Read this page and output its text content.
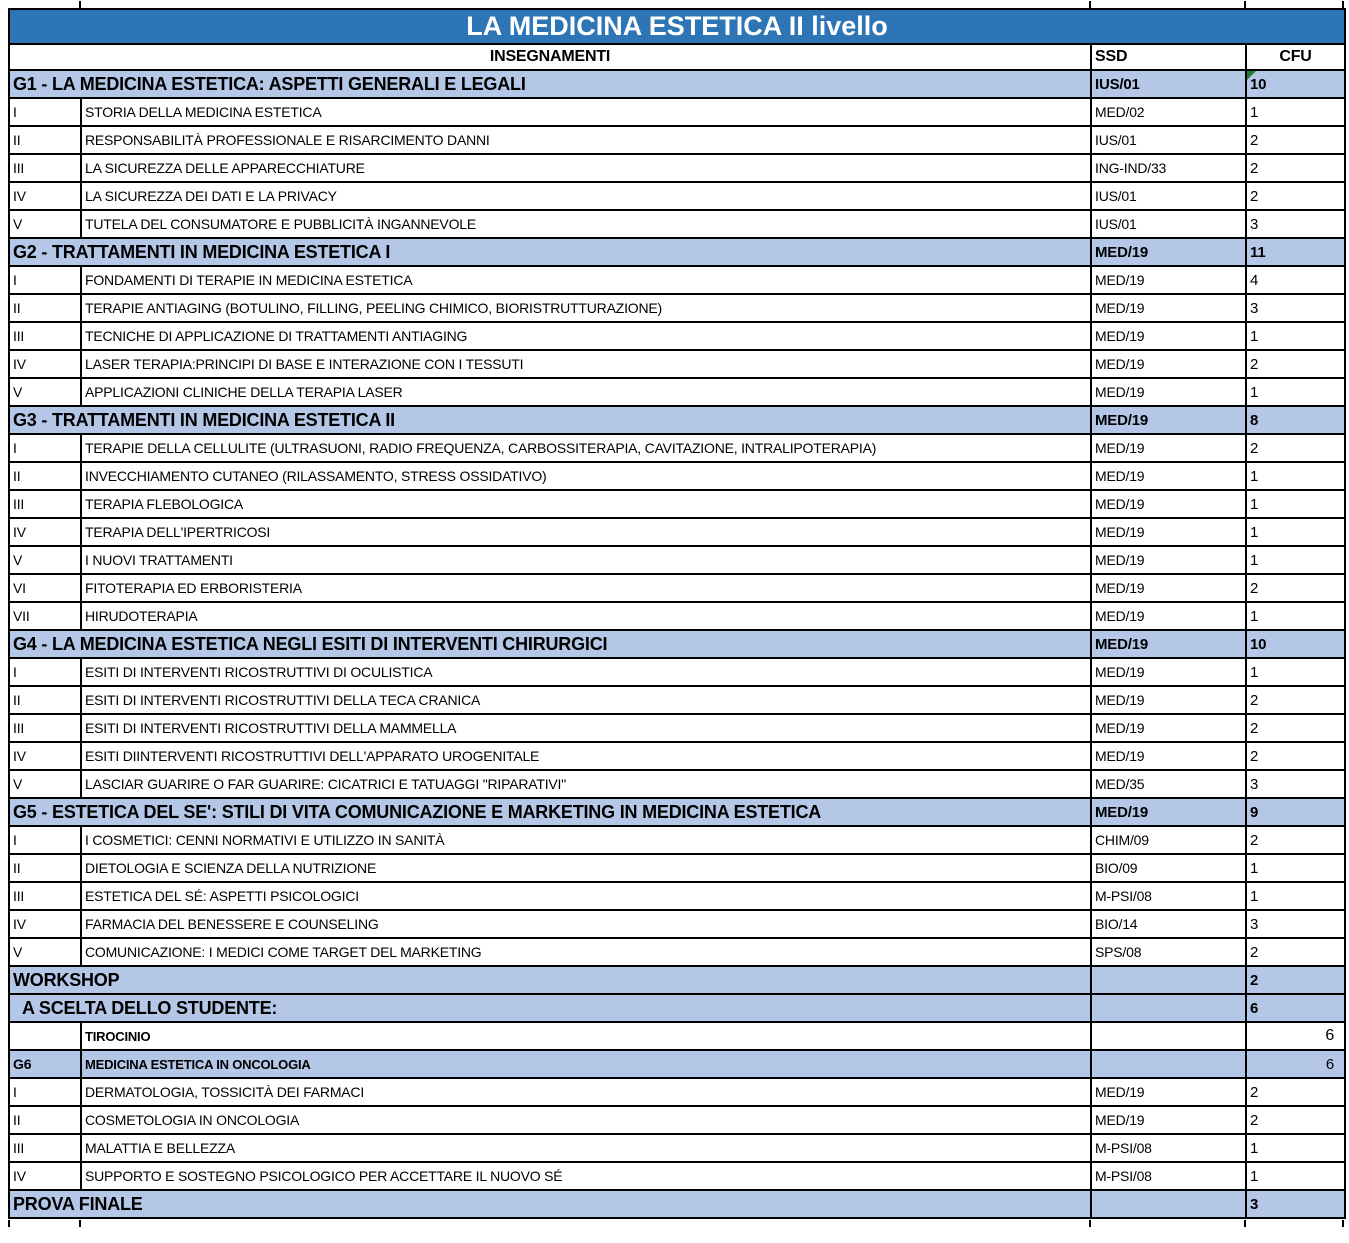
LA MEDICINA ESTETICA II livello			
INSEGNAMENTI		SSD	CFU
G1 - LA MEDICINA ESTETICA: ASPETTI GENERALI E LEGALI		IUS/01	10

I	STORIA DELLA MEDICINA ESTETICA	MED/02	1
II	RESPONSABILITÀ PROFESSIONALE E RISARCIMENTO DANNI	IUS/01	2
III	LA SICUREZZA DELLE APPARECCHIATURE	ING-IND/33	2
IV	LA SICUREZZA DEI DATI E LA PRIVACY	IUS/01	2
V	TUTELA DEL CONSUMATORE E PUBBLICITÀ INGANNEVOLE	IUS/01	3
G2 - TRATTAMENTI IN MEDICINA ESTETICA I		MED/19	11
I	FONDAMENTI DI TERAPIE IN MEDICINA ESTETICA	MED/19	4
II	TERAPIE ANTIAGING (BOTULINO, FILLING, PEELING CHIMICO, BIORISTRUTTURAZIONE)	MED/19	3
III	TECNICHE DI APPLICAZIONE DI TRATTAMENTI ANTIAGING	MED/19	1
IV	LASER TERAPIA:PRINCIPI DI BASE E INTERAZIONE CON I TESSUTI	MED/19	2
V	APPLICAZIONI CLINICHE DELLA TERAPIA LASER	MED/19	1
G3 - TRATTAMENTI IN MEDICINA ESTETICA II		MED/19	8
I	TERAPIE DELLA CELLULITE (ULTRASUONI, RADIO FREQUENZA, CARBOSSITERAPIA, CAVITAZIONE, INTRALIPOTERAPIA)	MED/19	2
II	INVECCHIAMENTO CUTANEO (RILASSAMENTO, STRESS OSSIDATIVO)	MED/19	1
III	TERAPIA FLEBOLOGICA	MED/19	1
IV	TERAPIA DELL'IPERTRICOSI	MED/19	1
V	I NUOVI TRATTAMENTI	MED/19	1
VI	FITOTERAPIA ED ERBORISTERIA	MED/19	2
VII	HIRUDOTERAPIA	MED/19	1
G4 - LA MEDICINA ESTETICA NEGLI ESITI DI INTERVENTI CHIRURGICI		MED/19	10
I	ESITI DI INTERVENTI RICOSTRUTTIVI DI OCULISTICA	MED/19	1
II	ESITI DI INTERVENTI RICOSTRUTTIVI DELLA TECA CRANICA	MED/19	2
III	ESITI DI INTERVENTI RICOSTRUTTIVI DELLA MAMMELLA	MED/19	2
IV	ESITI DIINTERVENTI RICOSTRUTTIVI DELL'APPARATO UROGENITALE	MED/19	2
V	LASCIAR GUARIRE O FAR GUARIRE: CICATRICI E TATUAGGI "RIPARATIVI"	MED/35	3
G5 - ESTETICA DEL SE': STILI DI VITA COMUNICAZIONE E MARKETING IN MEDICINA ESTETICA		MED/19	9
I	I COSMETICI: CENNI NORMATIVI E UTILIZZO IN SANITÀ	CHIM/09	2
II	DIETOLOGIA E SCIENZA DELLA NUTRIZIONE	BIO/09	1
III	ESTETICA DEL SÉ: ASPETTI PSICOLOGICI	M-PSI/08	1
IV	FARMACIA DEL BENESSERE E COUNSELING	BIO/14	3
V	COMUNICAZIONE: I MEDICI COME TARGET DEL MARKETING	SPS/08	2
WORKSHOP			2
A SCELTA DELLO STUDENTE:			6
	TIROCINIO		6
G6	MEDICINA ESTETICA IN ONCOLOGIA		6
I	DERMATOLOGIA, TOSSICITÀ DEI FARMACI	MED/19	2
II	COSMETOLOGIA IN ONCOLOGIA	MED/19	2
III	MALATTIA E BELLEZZA	M-PSI/08	1
IV	SUPPORTO E SOSTEGNO PSICOLOGICO PER ACCETTARE IL NUOVO SÉ	M-PSI/08	1
PROVA FINALE			3
